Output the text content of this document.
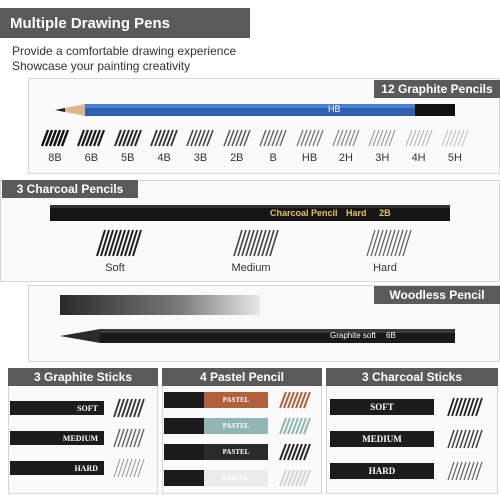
Multiple Drawing Pens
Provide a comfortable drawing experience
Showcase your painting creativity
12 Graphite Pencils
HB
8B	6B	5B	4B	3B	2B	B	HB	2H	3H	4H	5H
3 Charcoal Pencils
Charcoal Pencil Hard 2B
Soft	Medium	Hard
Woodless Pencil
Graphite soft 6B
3 Graphite Sticks
SOFT
MEDIUM
HARD
4 Pastel Pencil
PASTEL
PASTEL
PASTEL
PASTEL
3 Charcoal Sticks
SOFT
MEDIUM
HARD
